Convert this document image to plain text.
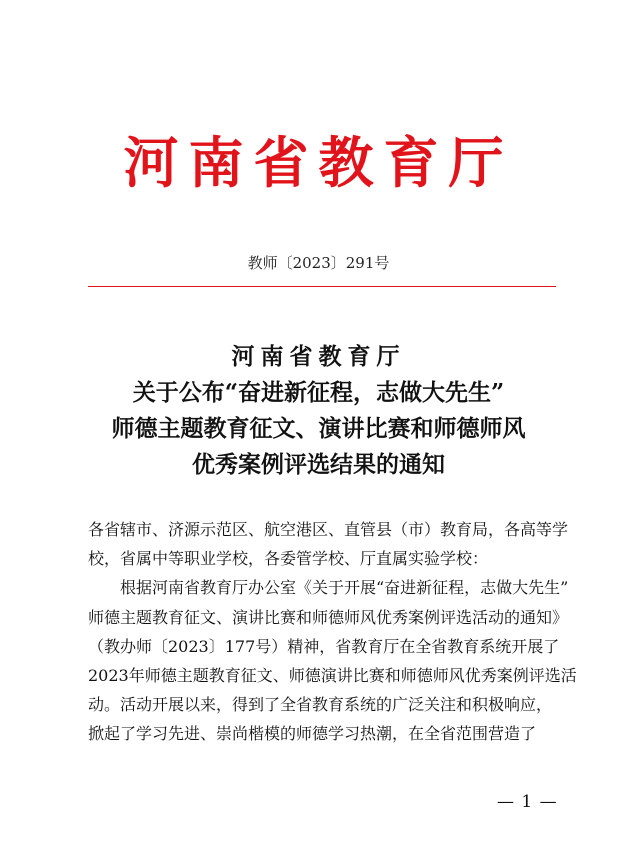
河南省教育厅
教师〔2023〕291号
河南省教育厅
关于公布“奋进新征程，志做大先生”
师德主题教育征文、演讲比赛和师德师风
优秀案例评选结果的通知
各省辖市、济源示范区、航空港区、直管县（市）教育局，各高等学
校，省属中等职业学校，各委管学校、厅直属实验学校：
根据河南省教育厅办公室《关于开展“奋进新征程，志做大先生”
师德主题教育征文、演讲比赛和师德师风优秀案例评选活动的通知》
（教办师〔2023〕177号）精神，省教育厅在全省教育系统开展了
2023年师德主题教育征文、师德演讲比赛和师德师风优秀案例评选活
动。活动开展以来，得到了全省教育系统的广泛关注和积极响应，
掀起了学习先进、崇尚楷模的师德学习热潮，在全省范围营造了
— 1 —
